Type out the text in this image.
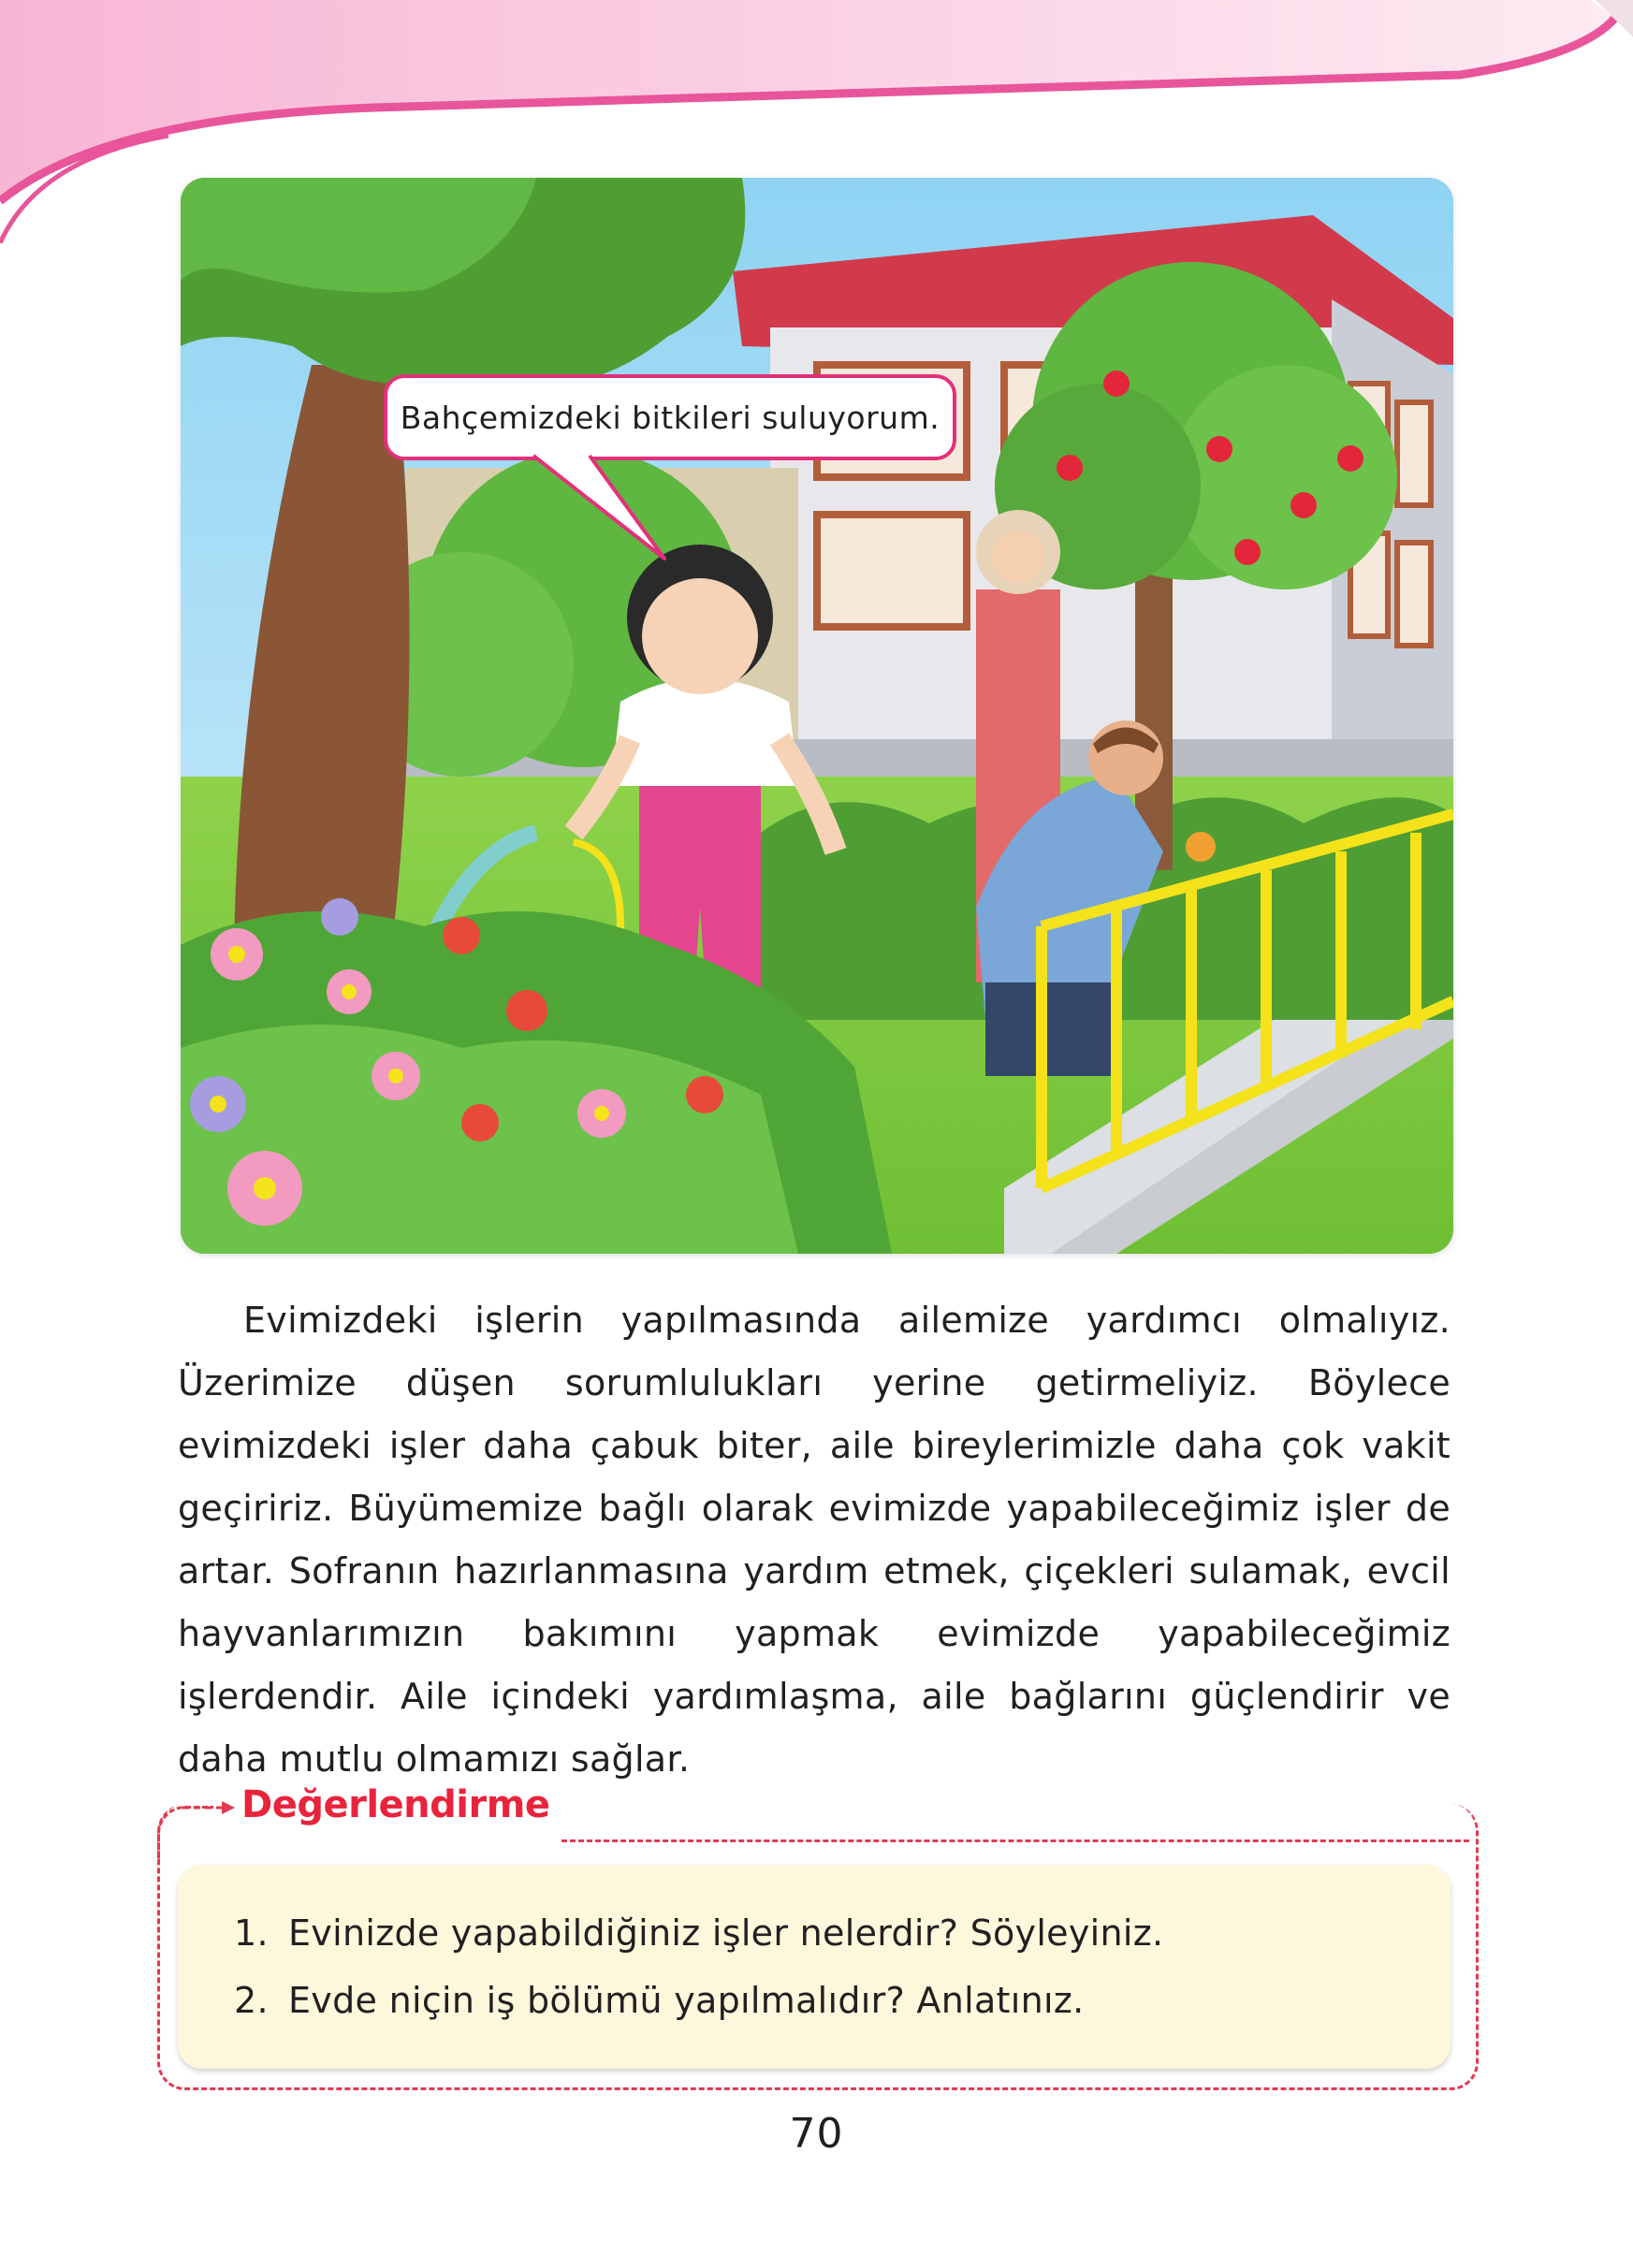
Bahçemizdeki bitkileri suluyorum.

Evimizdeki işlerin yapılmasında ailemize yardımcı olmalıyız. Üzerimize düşen sorumlulukları yerine getirmeliyiz. Böylece evimizdeki işler daha çabuk biter, aile bireylerimizle daha çok vakit geçiririz. Büyümemize bağlı olarak evimizde yapabileceğimiz işler de artar. Sofranın hazırlanmasına yardım etmek, çiçekleri sulamak, evcil hayvanlarımızın bakımını yapmak evimizde yapabileceğimiz işlerdendir. Aile içindeki yardımlaşma, aile bağlarını güçlendirir ve daha mutlu olmamızı sağlar.

Değerlendirme
1. Evinizde yapabildiğiniz işler nelerdir? Söyleyiniz.
2. Evde niçin iş bölümü yapılmalıdır? Anlatınız.
70
